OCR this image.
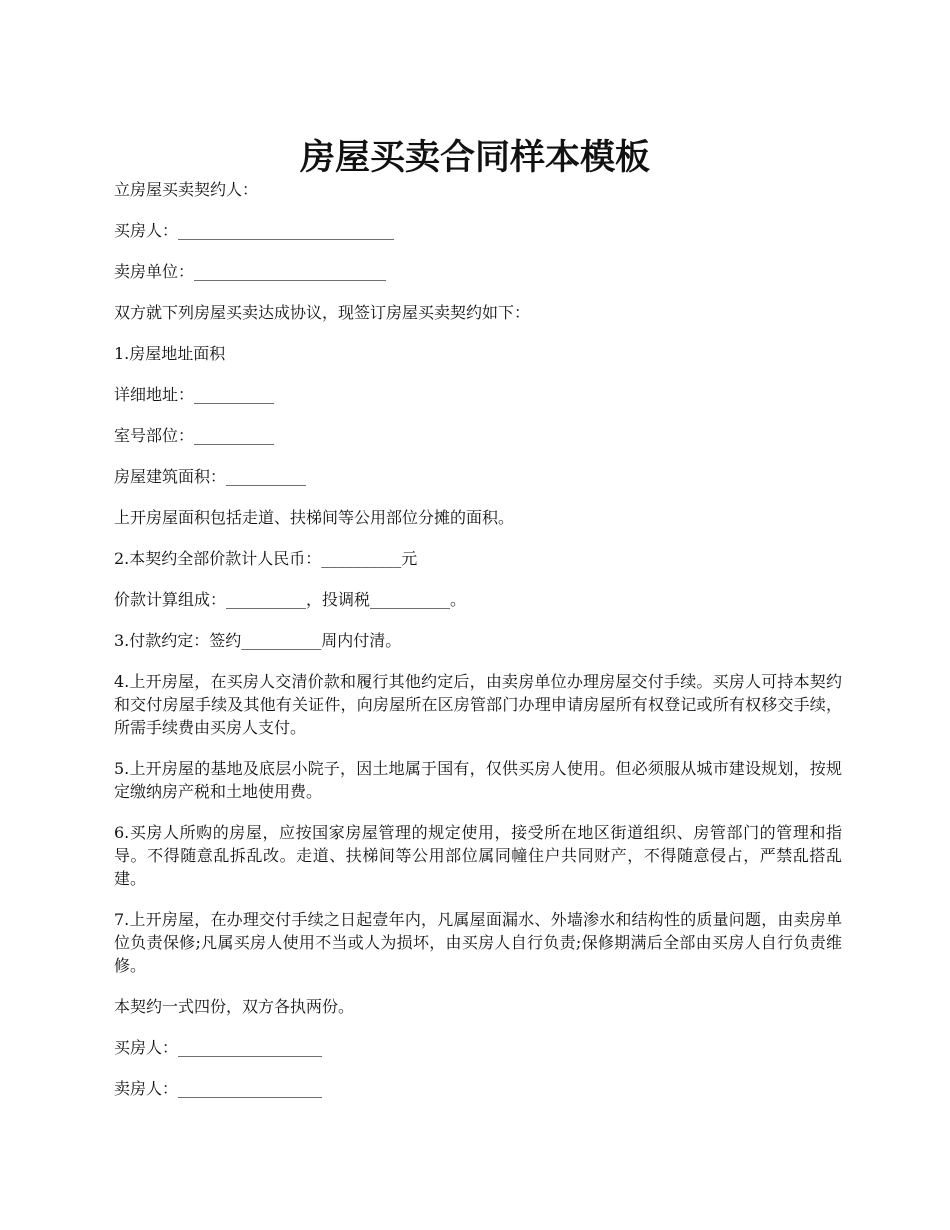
房屋买卖合同样本模板

立房屋买卖契约人：

买房人：___________________________

卖房单位：________________________

双方就下列房屋买卖达成协议，现签订房屋买卖契约如下：

1.房屋地址面积

详细地址：__________

室号部位：__________

房屋建筑面积：__________

上开房屋面积包括走道、扶梯间等公用部位分摊的面积。

2.本契约全部价款计人民币：__________元

价款计算组成：__________，投调税__________。

3.付款约定：签约__________周内付清。

4.上开房屋，在买房人交清价款和履行其他约定后，由卖房单位办理房屋交付手续。买房人可持本契约和交付房屋手续及其他有关证件，向房屋所在区房管部门办理申请房屋所有权登记或所有权移交手续，所需手续费由买房人支付。

5.上开房屋的基地及底层小院子，因土地属于国有，仅供买房人使用。但必须服从城市建设规划，按规定缴纳房产税和土地使用费。

6.买房人所购的房屋，应按国家房屋管理的规定使用，接受所在地区街道组织、房管部门的管理和指导。不得随意乱拆乱改。走道、扶梯间等公用部位属同幢住户共同财产，不得随意侵占，严禁乱搭乱建。

7.上开房屋，在办理交付手续之日起壹年内，凡属屋面漏水、外墙渗水和结构性的质量问题，由卖房单位负责保修;凡属买房人使用不当或人为损坏，由买房人自行负责;保修期满后全部由买房人自行负责维修。

本契约一式四份，双方各执两份。

买房人：__________________

卖房人：__________________
